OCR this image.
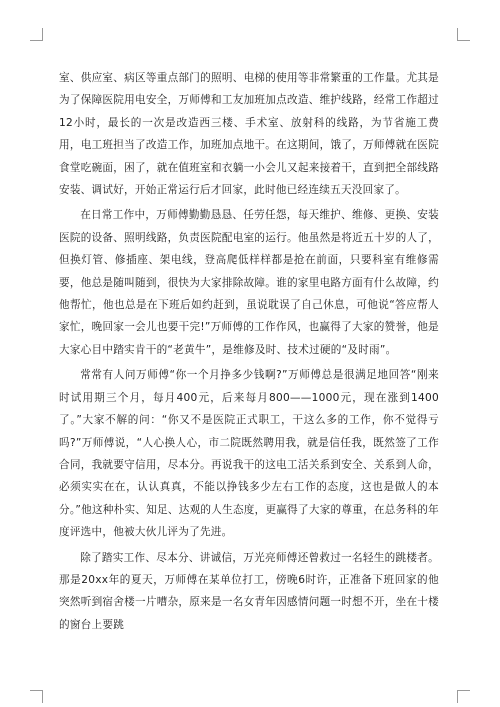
室、供应室、病区等重点部门的照明、电梯的使用等非常繁重的工作量。尤其是为了保障医院用电安全，万师傅和工友加班加点改造、维护线路，经常工作超过12小时，最长的一次是改造西三楼、手术室、放射科的线路，为节省施工费用，电工班担当了改造工作，加班加点地干。在这期间，饿了，万师傅就在医院食堂吃碗面，困了，就在值班室和衣躺一小会儿又起来接着干，直到把全部线路安装、调试好，开始正常运行后才回家，此时他已经连续五天没回家了。

在日常工作中，万师傅勤勤恳恳、任劳任怨，每天维护、维修、更换、安装医院的设备、照明线路，负责医院配电室的运行。他虽然是将近五十岁的人了，但换灯管、修插座、架电线，登高爬低样样都是抢在前面，只要科室有维修需要，他总是随叫随到，很快为大家排除故障。谁的家里电路方面有什么故障，约他帮忙，他也总是在下班后如约赶到，虽说耽误了自己休息，可他说“答应帮人家忙，晚回家一会儿也要干完!”万师傅的工作作风，也赢得了大家的赞誉，他是大家心目中踏实肯干的“老黄牛”，是维修及时、技术过硬的“及时雨”。

常常有人问万师傅“你一个月挣多少钱啊?”万师傅总是很满足地回答“刚来时试用期三个月，每月400元，后来每月800——1000元，现在涨到1400了。”大家不解的问：“你又不是医院正式职工，干这么多的工作，你不觉得亏吗?”万师傅说，“人心换人心，市二院既然聘用我，就是信任我，既然签了工作合同，我就要守信用，尽本分。再说我干的这电工活关系到安全、关系到人命，必须实实在在，认认真真，不能以挣钱多少左右工作的态度，这也是做人的本分。”他这种朴实、知足、达观的人生态度，更赢得了大家的尊重，在总务科的年度评选中，他被大伙儿评为了先进。

除了踏实工作、尽本分、讲诚信，万光亮师傅还曾救过一名轻生的跳楼者。那是20xx年的夏天，万师傅在某单位打工，傍晚6时许，正准备下班回家的他突然听到宿舍楼一片嘈杂，原来是一名女青年因感情问题一时想不开，坐在十楼的窗台上要跳
